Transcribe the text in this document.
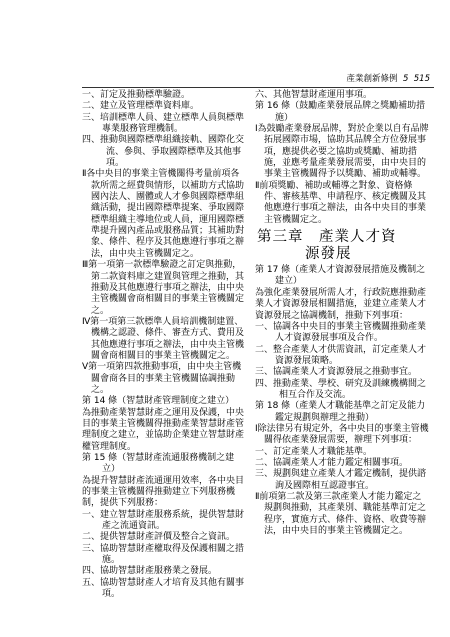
產業創新條例 5 515

一、訂定及推動標準驗證。

二、建立及管理標準資料庫。

三、培訓標準人員、建立標準人員與標準專業服務管理機制。

四、推動與國際標準組織接軌、國際化交流、參與、爭取國際標準及其他事項。

Ⅱ各中央目的事業主管機關得考量前項各款所需之經費與情形，以補助方式協助國內法人、團體或人才參與國際標準組織活動，提出國際標準提案、爭取國際標準組織主導地位或人員，運用國際標準提升國內產品或服務品質；其補助對象、條件、程序及其他應遵行事項之辦法，由中央主管機關定之。

Ⅲ第一項第一款標準驗證之訂定與推動，第二款資料庫之建置與管理之推動，其推動及其他應遵行事項之辦法，由中央主管機關會商相關目的事業主管機關定之。

Ⅳ第一項第三款標準人員培訓機制建置、機構之認證、條件、審查方式、費用及其他應遵行事項之辦法，由中央主管機關會商相關目的事業主管機關定之。

Ⅴ第一項第四款推動事項，由中央主管機關會商各目的事業主管機關協調推動之。

第 14 條（智慧財產管理制度之建立）

為推動產業智慧財產之運用及保護，中央目的事業主管機關得推動產業智慧財產管理制度之建立，並協助企業建立智慧財產權管理制度。

第 15 條（智慧財產流通服務機制之建立）

為提升智慧財產流通運用效率，各中央目的事業主管機關得推動建立下列服務機制，提供下列服務：

一、建立智慧財產服務系統，提供智慧財產之流通資訊。

二、提供智慧財產評價及整合之資訊。

三、協助智慧財產權取得及保護相關之措施。

四、協助智慧財產服務業之發展。

五、協助智慧財產人才培育及其他有關事項。

六、其他智慧財產運用事項。

第 16 條（鼓勵產業發展品牌之獎勵補助措施）

Ⅰ為鼓勵產業發展品牌，對於企業以自有品牌拓展國際市場，協助其品牌全方位發展事項，應提供必要之協助或獎勵、補助措施，並應考量產業發展需要，由中央目的事業主管機關得予以獎勵、補助或輔導。

Ⅱ前項獎勵、補助或輔導之對象、資格條件、審核基準、申請程序、核定機關及其他應遵行事項之辦法，由各中央目的事業主管機關定之。

第三章　產業人才資
源發展

第 17 條（產業人才資源發展措施及機制之建立）

為強化產業發展所需人才，行政院應推動產業人才資源發展相關措施，並建立產業人才資源發展之協調機制，推動下列事項：

一、協調各中央目的事業主管機關推動產業人才資源發展事項及合作。

二、整合產業人才供需資訊，訂定產業人才資源發展策略。

三、協調產業人才資源發展之推動事宜。

四、推動產業、學校、研究及訓練機構間之相互合作及交流。

第 18 條（產業人才職能基準之訂定及能力鑑定規劃與辦理之推動）

Ⅰ除法律另有規定外，各中央目的事業主管機關得依產業發展需要，辦理下列事項：

一、訂定產業人才職能基準。

二、協調產業人才能力鑑定相關事項。

三、規劃與建立產業人才鑑定機制，提供諮詢及國際相互認證事宜。

Ⅱ前項第二款及第三款產業人才能力鑑定之規劃與推動，其產業別、職能基準訂定之程序，實施方式、條件、資格、收費等辦法，由中央目的事業主管機關定之。
